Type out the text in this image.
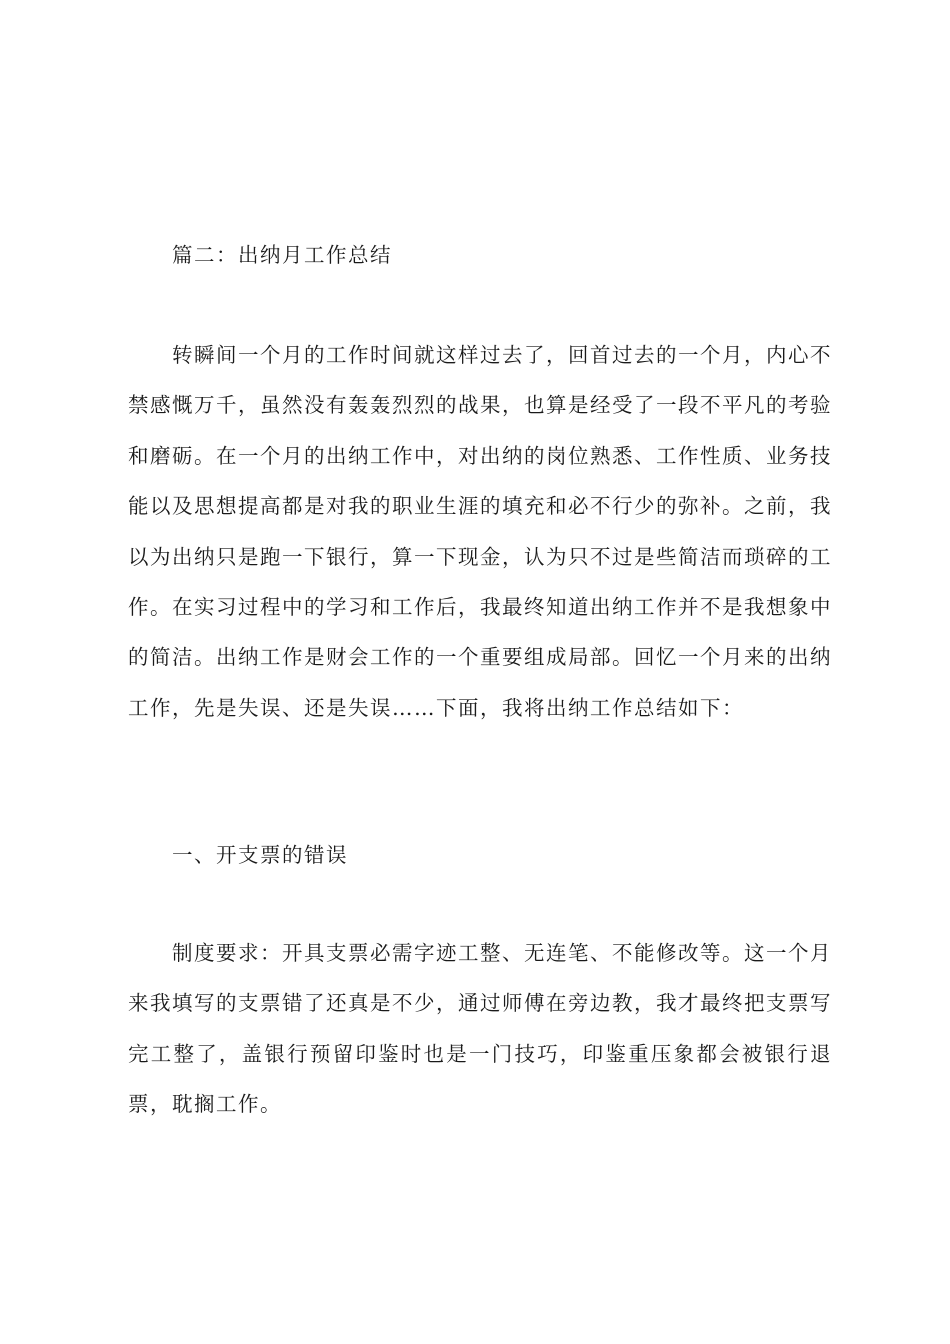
篇二：出纳月工作总结

转瞬间一个月的工作时间就这样过去了，回首过去的一个月，内心不禁感慨万千，虽然没有轰轰烈烈的战果，也算是经受了一段不平凡的考验和磨砺。在一个月的出纳工作中，对出纳的岗位熟悉、工作性质、业务技能以及思想提高都是对我的职业生涯的填充和必不行少的弥补。之前，我以为出纳只是跑一下银行，算一下现金，认为只不过是些简洁而琐碎的工作。在实习过程中的学习和工作后，我最终知道出纳工作并不是我想象中的简洁。出纳工作是财会工作的一个重要组成局部。回忆一个月来的出纳工作，先是失误、还是失误……下面，我将出纳工作总结如下：

一、开支票的错误

制度要求：开具支票必需字迹工整、无连笔、不能修改等。这一个月来我填写的支票错了还真是不少，通过师傅在旁边教，我才最终把支票写完工整了，盖银行预留印鉴时也是一门技巧，印鉴重压象都会被银行退票，耽搁工作。
